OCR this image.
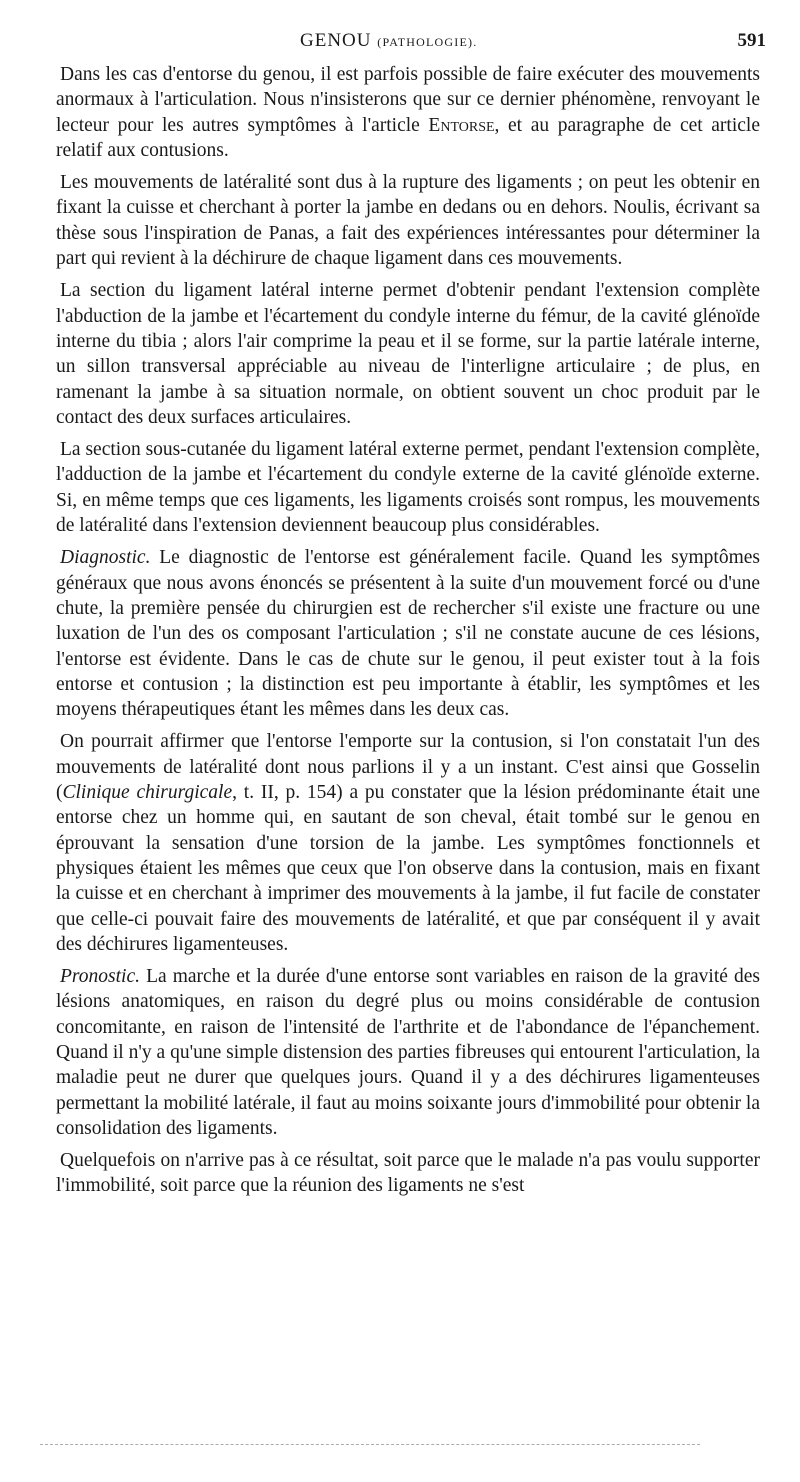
GENOU (PATHOLOGIE).	591

Dans les cas d'entorse du genou, il est parfois possible de faire exécuter des mouvements anormaux à l'articulation. Nous n'insisterons que sur ce dernier phénomène, renvoyant le lecteur pour les autres symptômes à l'article Entorse, et au paragraphe de cet article relatif aux contusions.

Les mouvements de latéralité sont dus à la rupture des ligaments ; on peut les obtenir en fixant la cuisse et cherchant à porter la jambe en dedans ou en dehors. Noulis, écrivant sa thèse sous l'inspiration de Panas, a fait des expériences intéressantes pour déterminer la part qui revient à la déchirure de chaque ligament dans ces mouvements.

La section du ligament latéral interne permet d'obtenir pendant l'extension complète l'abduction de la jambe et l'écartement du condyle interne du fémur, de la cavité glénoïde interne du tibia ; alors l'air comprime la peau et il se forme, sur la partie latérale interne, un sillon transversal appréciable au niveau de l'interligne articulaire ; de plus, en ramenant la jambe à sa situation normale, on obtient souvent un choc produit par le contact des deux surfaces articulaires.

La section sous-cutanée du ligament latéral externe permet, pendant l'extension complète, l'adduction de la jambe et l'écartement du condyle externe de la cavité glénoïde externe. Si, en même temps que ces ligaments, les ligaments croisés sont rompus, les mouvements de latéralité dans l'extension deviennent beaucoup plus considérables.

Diagnostic. Le diagnostic de l'entorse est généralement facile. Quand les symptômes généraux que nous avons énoncés se présentent à la suite d'un mouvement forcé ou d'une chute, la première pensée du chirurgien est de rechercher s'il existe une fracture ou une luxation de l'un des os composant l'articulation ; s'il ne constate aucune de ces lésions, l'entorse est évidente. Dans le cas de chute sur le genou, il peut exister tout à la fois entorse et contusion ; la distinction est peu importante à établir, les symptômes et les moyens thérapeutiques étant les mêmes dans les deux cas.

On pourrait affirmer que l'entorse l'emporte sur la contusion, si l'on constatait l'un des mouvements de latéralité dont nous parlions il y a un instant. C'est ainsi que Gosselin (Clinique chirurgicale, t. II, p. 154) a pu constater que la lésion prédominante était une entorse chez un homme qui, en sautant de son cheval, était tombé sur le genou en éprouvant la sensation d'une torsion de la jambe. Les symptômes fonctionnels et physiques étaient les mêmes que ceux que l'on observe dans la contusion, mais en fixant la cuisse et en cherchant à imprimer des mouvements à la jambe, il fut facile de constater que celle-ci pouvait faire des mouvements de latéralité, et que par conséquent il y avait des déchirures ligamenteuses.

Pronostic. La marche et la durée d'une entorse sont variables en raison de la gravité des lésions anatomiques, en raison du degré plus ou moins considérable de contusion concomitante, en raison de l'intensité de l'arthrite et de l'abondance de l'épanchement. Quand il n'y a qu'une simple distension des parties fibreuses qui entourent l'articulation, la maladie peut ne durer que quelques jours. Quand il y a des déchirures ligamenteuses permettant la mobilité latérale, il faut au moins soixante jours d'immobilité pour obtenir la consolidation des ligaments.

Quelquefois on n'arrive pas à ce résultat, soit parce que le malade n'a pas voulu supporter l'immobilité, soit parce que la réunion des ligaments ne s'est
